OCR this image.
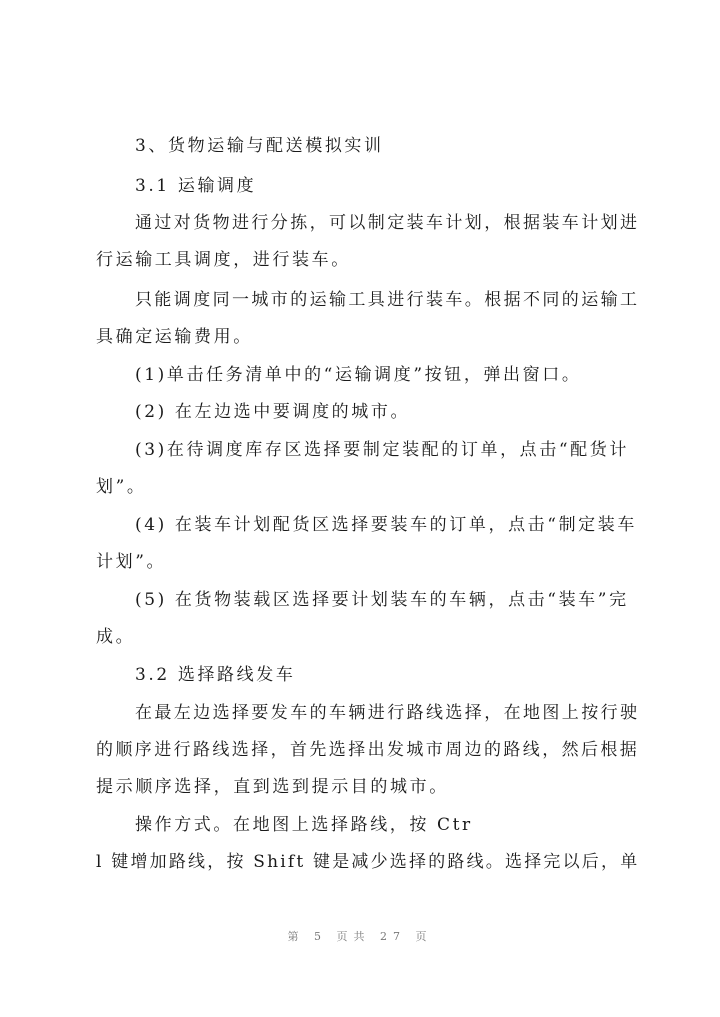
3、货物运输与配送模拟实训
3.1 运输调度
通过对货物进行分拣，可以制定装车计划，根据装车计划进
行运输工具调度，进行装车。
只能调度同一城市的运输工具进行装车。根据不同的运输工
具确定运输费用。
(1)单击任务清单中的“运输调度”按钮，弹出窗口。
(2) 在左边选中要调度的城市。
(3)在待调度库存区选择要制定装配的订单，点击“配货计
划”。
(4) 在装车计划配货区选择要装车的订单，点击“制定装车
计划”。
(5) 在货物装载区选择要计划装车的车辆，点击“装车”完
成。
3.2 选择路线发车
在最左边选择要发车的车辆进行路线选择，在地图上按行驶
的顺序进行路线选择，首先选择出发城市周边的路线，然后根据
提示顺序选择，直到选到提示目的城市。
操作方式。在地图上选择路线，按 Ctr
l 键增加路线，按 Shift 键是减少选择的路线。选择完以后，单
第 5 页共 27 页
